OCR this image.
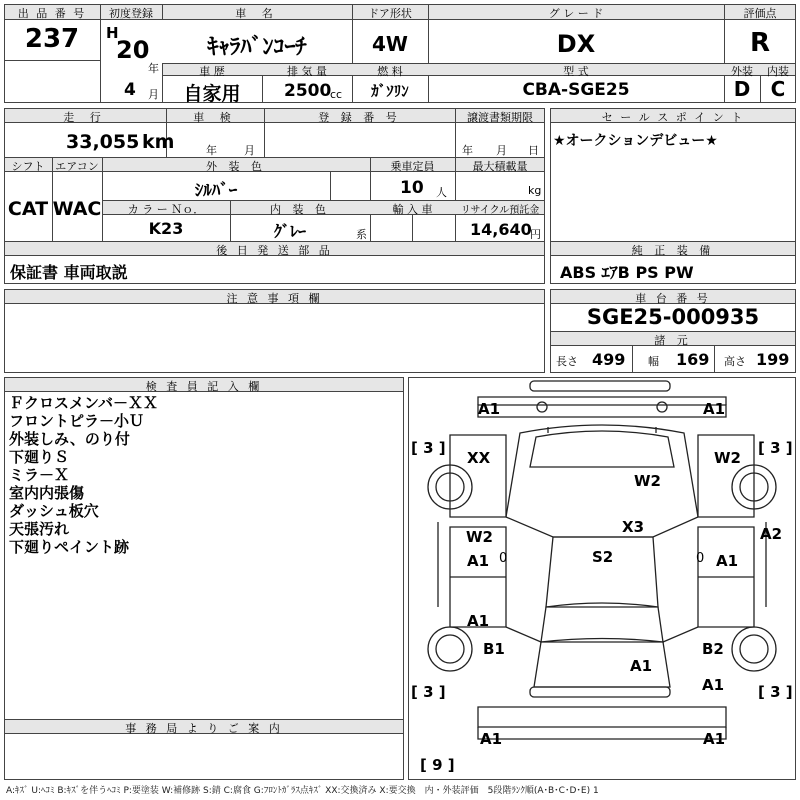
出 品 番 号
237
初度登録
H
20
年
4 月
車 名
ｷｬﾗﾊﾞﾝｺｰﾁ
ドア形状
4W
グ レ ー ド
DX
評価点
R
車 歴
自家用
排 気 量
2500
cc
燃 料
ｶﾞｿﾘﾝ
型 式
CBA-SGE25
外装	内装
D	C
走 行
33,055 km
車 検
年 月
登 録 番 号	譲渡書類期限
年 月 日
シフト
CAT
エアコン
WAC
外 装 色
ｼﾙﾊﾞｰ
乗車定員
10 人
最大積載量
kg
カ ラ ー Ｎｏ．
K23
内 装 色
ｸﾞﾚｰ	系
輸 入 車	リサイクル預託金
14,640
円
後 日 発 送 部 品
保証書 車両取説
セ ー ル ス ポ イ ン ト
★オークションデビュー★
純 正 装 備
ABS ｴｱB PS PW
注 意 事 項 欄	車 台 番 号
SGE25-000935
諸 元
長さ 499 幅 169 高さ 199
検 査 員 記 入 欄
Ｆクロスメンバ－ＸＸ
フロントピラ－小Ｕ
外装しみ、のり付
下廻りＳ
ミラ－Ｘ
室内内張傷
ダッシュ板穴
天張汚れ
下廻りペイント跡
事 務 局 よ り ご 案 内
A1	A1
XX	W2
W2
X3
W2
A1 0	S2	0 A1
A2
A1
B1	B2
A1
A1
A1	A1
[ 3 ]	[ 3 ]
[ 3 ]	[ 3 ]
[ 9 ]
A:ｷｽﾞ U:ﾍｺﾐ B:ｷｽﾞを伴うﾍｺﾐ P:要塗装 W:補修跡 S:錆 C:腐食 G:ﾌﾛﾝﾄｶﾞﾗｽ点ｷｽﾞ XX:交換済み X:要交換　内・外装評価　5段階ﾗﾝｸ順(A･B･C･D･E) 1
